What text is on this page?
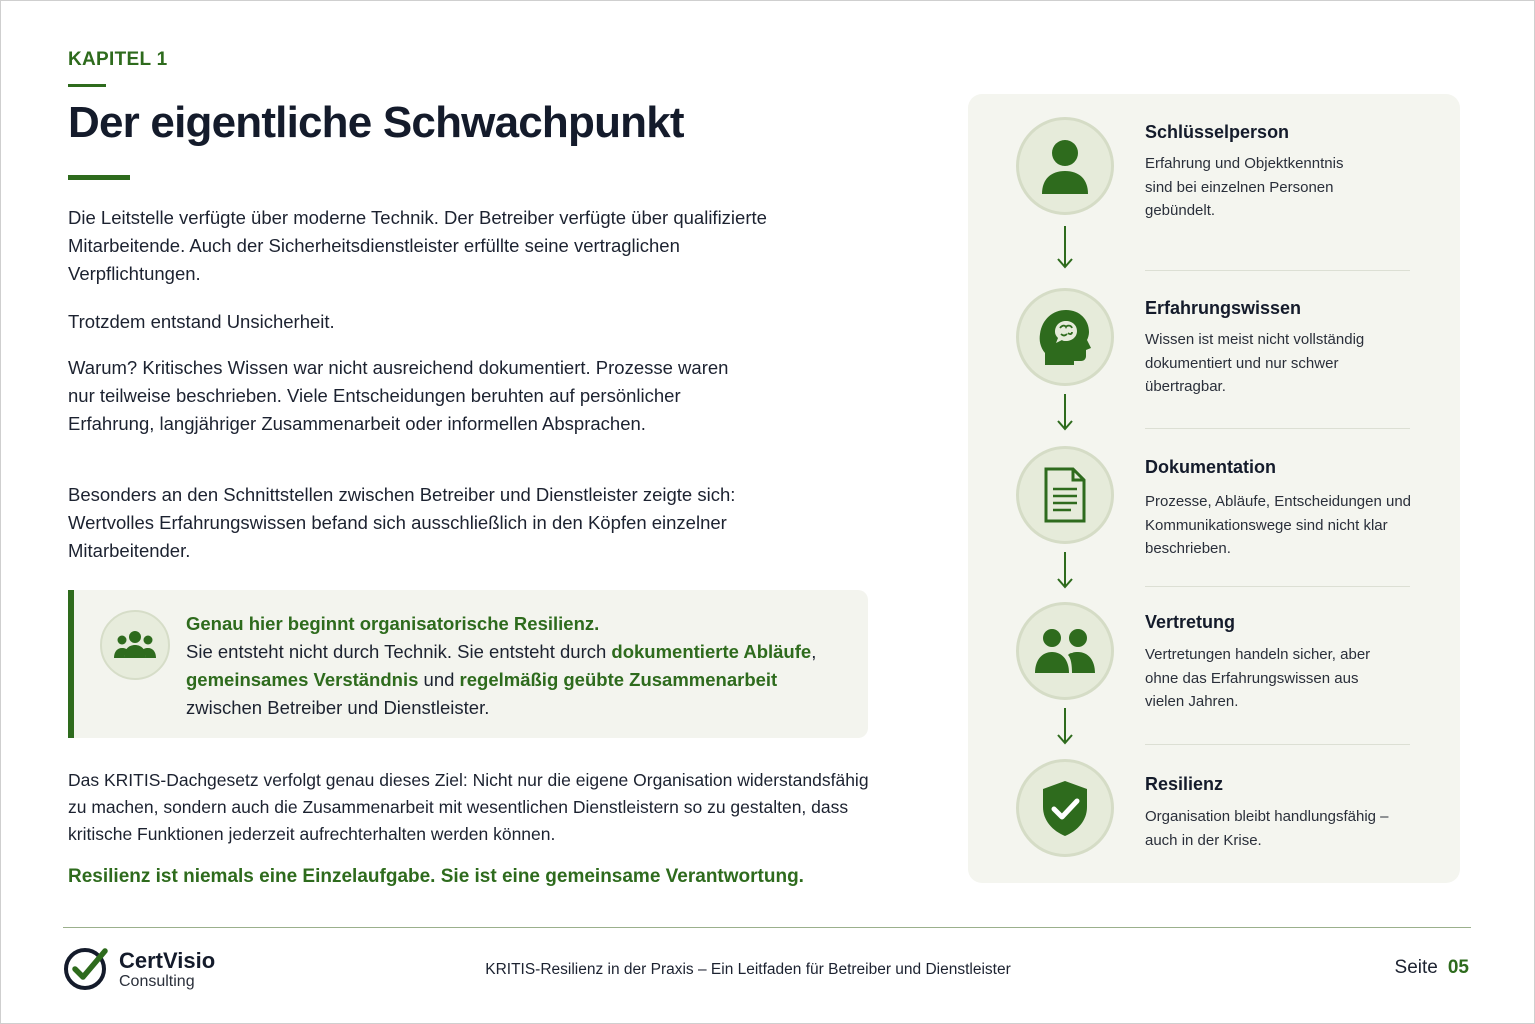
KAPITEL 1
Der eigentliche Schwachpunkt

Die Leitstelle verfügte über moderne Technik. Der Betreiber verfügte über qualifizierte Mitarbeitende. Auch der Sicherheitsdienstleister erfüllte seine vertraglichen Verpflichtungen.

Trotzdem entstand Unsicherheit.

Warum? Kritisches Wissen war nicht ausreichend dokumentiert. Prozesse waren nur teilweise beschrieben. Viele Entscheidungen beruhten auf persönlicher Erfahrung, langjähriger Zusammenarbeit oder informellen Absprachen.

Besonders an den Schnittstellen zwischen Betreiber und Dienstleister zeigte sich: Wertvolles Erfahrungswissen befand sich ausschließlich in den Köpfen einzelner Mitarbeitender.

Genau hier beginnt organisatorische Resilienz.
Sie entsteht nicht durch Technik. Sie entsteht durch dokumentierte Abläufe,
gemeinsames Verständnis und regelmäßig geübte Zusammenarbeit
zwischen Betreiber und Dienstleister.

Das KRITIS-Dachgesetz verfolgt genau dieses Ziel: Nicht nur die eigene Organisation widerstandsfähig zu machen, sondern auch die Zusammenarbeit mit wesentlichen Dienstleistern so zu gestalten, dass kritische Funktionen jederzeit aufrechterhalten werden können.

Resilienz ist niemals eine Einzelaufgabe. Sie ist eine gemeinsame Verantwortung.
Schlüsselperson
Erfahrung und Objektkenntnis sind bei einzelnen Personen gebündelt.
Erfahrungswissen
Wissen ist meist nicht vollständig dokumentiert und nur schwer übertragbar.
Dokumentation
Prozesse, Abläufe, Entscheidungen und Kommunikationswege sind nicht klar beschrieben.
Vertretung
Vertretungen handeln sicher, aber ohne das Erfahrungswissen aus vielen Jahren.
Resilienz
Organisation bleibt handlungsfähig – auch in der Krise.
CertVisio
Consulting
KRITIS-Resilienz in der Praxis – Ein Leitfaden für Betreiber und Dienstleister	Seite 05
